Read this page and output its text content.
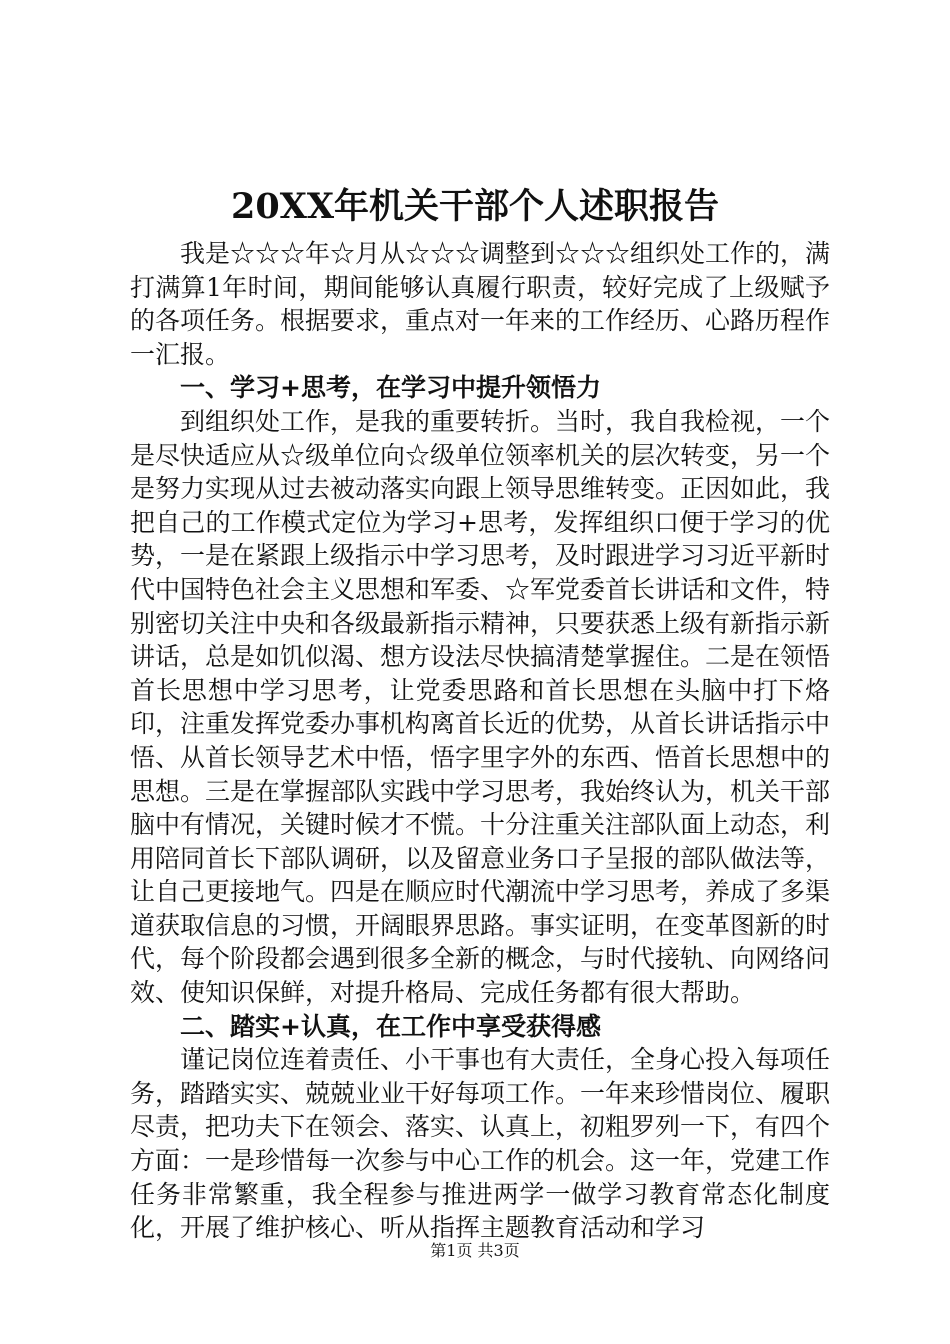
20XX年机关干部个人述职报告

我是☆☆☆年☆月从☆☆☆调整到☆☆☆组织处工作的，满打满算1年时间，期间能够认真履行职责，较好完成了上级赋予的各项任务。根据要求，重点对一年来的工作经历、心路历程作一汇报。

一、学习+思考，在学习中提升领悟力

到组织处工作，是我的重要转折。当时，我自我检视，一个是尽快适应从☆级单位向☆级单位领率机关的层次转变，另一个是努力实现从过去被动落实向跟上领导思维转变。正因如此，我把自己的工作模式定位为学习+思考，发挥组织口便于学习的优势，一是在紧跟上级指示中学习思考，及时跟进学习习近平新时代中国特色社会主义思想和军委、☆军党委首长讲话和文件，特别密切关注中央和各级最新指示精神，只要获悉上级有新指示新讲话，总是如饥似渴、想方设法尽快搞清楚掌握住。二是在领悟首长思想中学习思考，让党委思路和首长思想在头脑中打下烙印，注重发挥党委办事机构离首长近的优势，从首长讲话指示中悟、从首长领导艺术中悟，悟字里字外的东西、悟首长思想中的思想。三是在掌握部队实践中学习思考，我始终认为，机关干部脑中有情况，关键时候才不慌。十分注重关注部队面上动态，利用陪同首长下部队调研，以及留意业务口子呈报的部队做法等，让自己更接地气。四是在顺应时代潮流中学习思考，养成了多渠道获取信息的习惯，开阔眼界思路。事实证明，在变革图新的时代，每个阶段都会遇到很多全新的概念，与时代接轨、向网络问效、使知识保鲜，对提升格局、完成任务都有很大帮助。

二、踏实+认真，在工作中享受获得感

谨记岗位连着责任、小干事也有大责任，全身心投入每项任务，踏踏实实、兢兢业业干好每项工作。一年来珍惜岗位、履职尽责，把功夫下在领会、落实、认真上，初粗罗列一下，有四个方面：一是珍惜每一次参与中心工作的机会。这一年，党建工作任务非常繁重，我全程参与推进两学一做学习教育常态化制度化，开展了维护核心、听从指挥主题教育活动和学习

第1页 共3页
